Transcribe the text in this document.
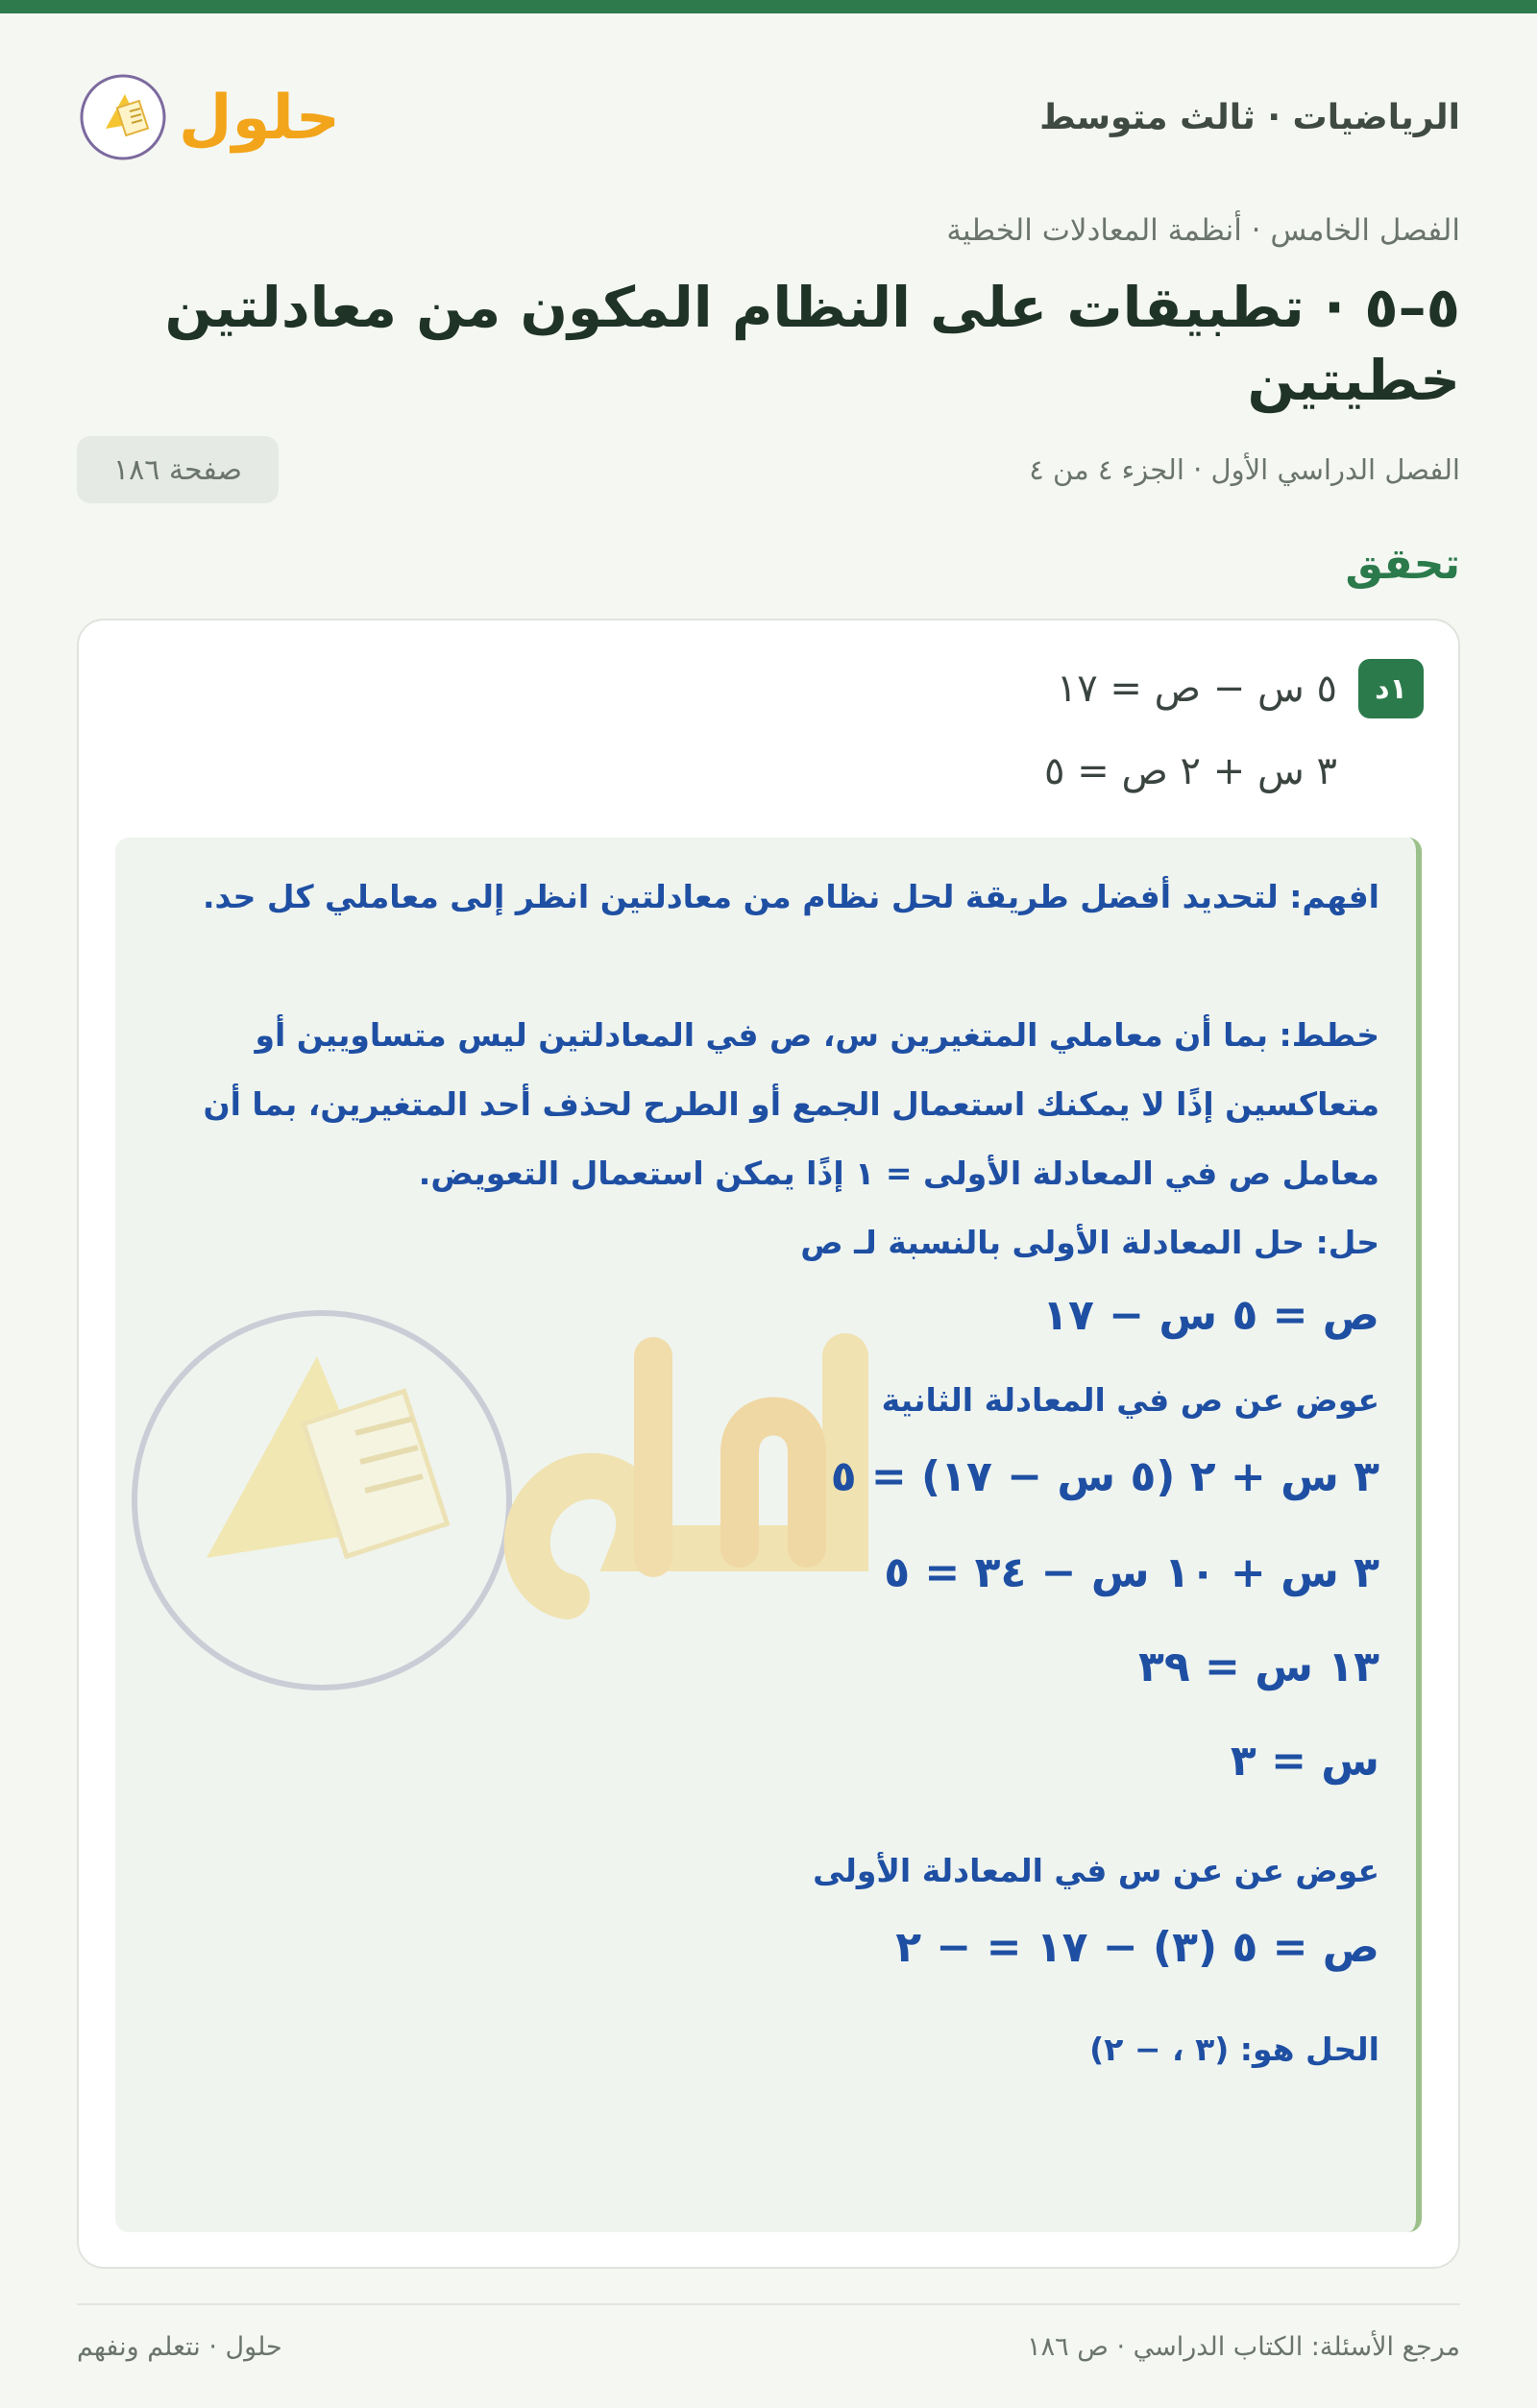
الرياضيات · ثالث متوسط
حلول
الفصل الخامس · أنظمة المعادلات الخطية
٥–٥ · تطبيقات على النظام المكون من معادلتين خطيتين
الفصل الدراسي الأول · الجزء ٤ من ٤
صفحة ١٨٦
تحقق
١د
٥ س − ص = ١٧
٣ س + ٢ ص = ٥
افهم: لتحديد أفضل طريقة لحل نظام من معادلتين انظر إلى معاملي كل حد.
خطط: بما أن معاملي المتغيرين س، ص في المعادلتين ليس متساويين أو متعاكسين إذًا لا يمكنك استعمال الجمع أو الطرح لحذف أحد المتغيرين، بما أن معامل ص في المعادلة الأولى = ١ إذًا يمكن استعمال التعويض.
حل: حل المعادلة الأولى بالنسبة لـ ص
ص = ٥ س − ١٧
عوض عن ص في المعادلة الثانية
٣ س + ٢ (٥ س − ١٧) = ٥
٣ س + ١٠ س − ٣٤ = ٥
١٣ س = ٣٩
س = ٣
عوض عن عن س في المعادلة الأولى
ص = ٥ (٣) − ١٧ = − ٢
الحل هو: (٣ ، − ٢)
مرجع الأسئلة: الكتاب الدراسي · ص ١٨٦
حلول · نتعلم ونفهم
